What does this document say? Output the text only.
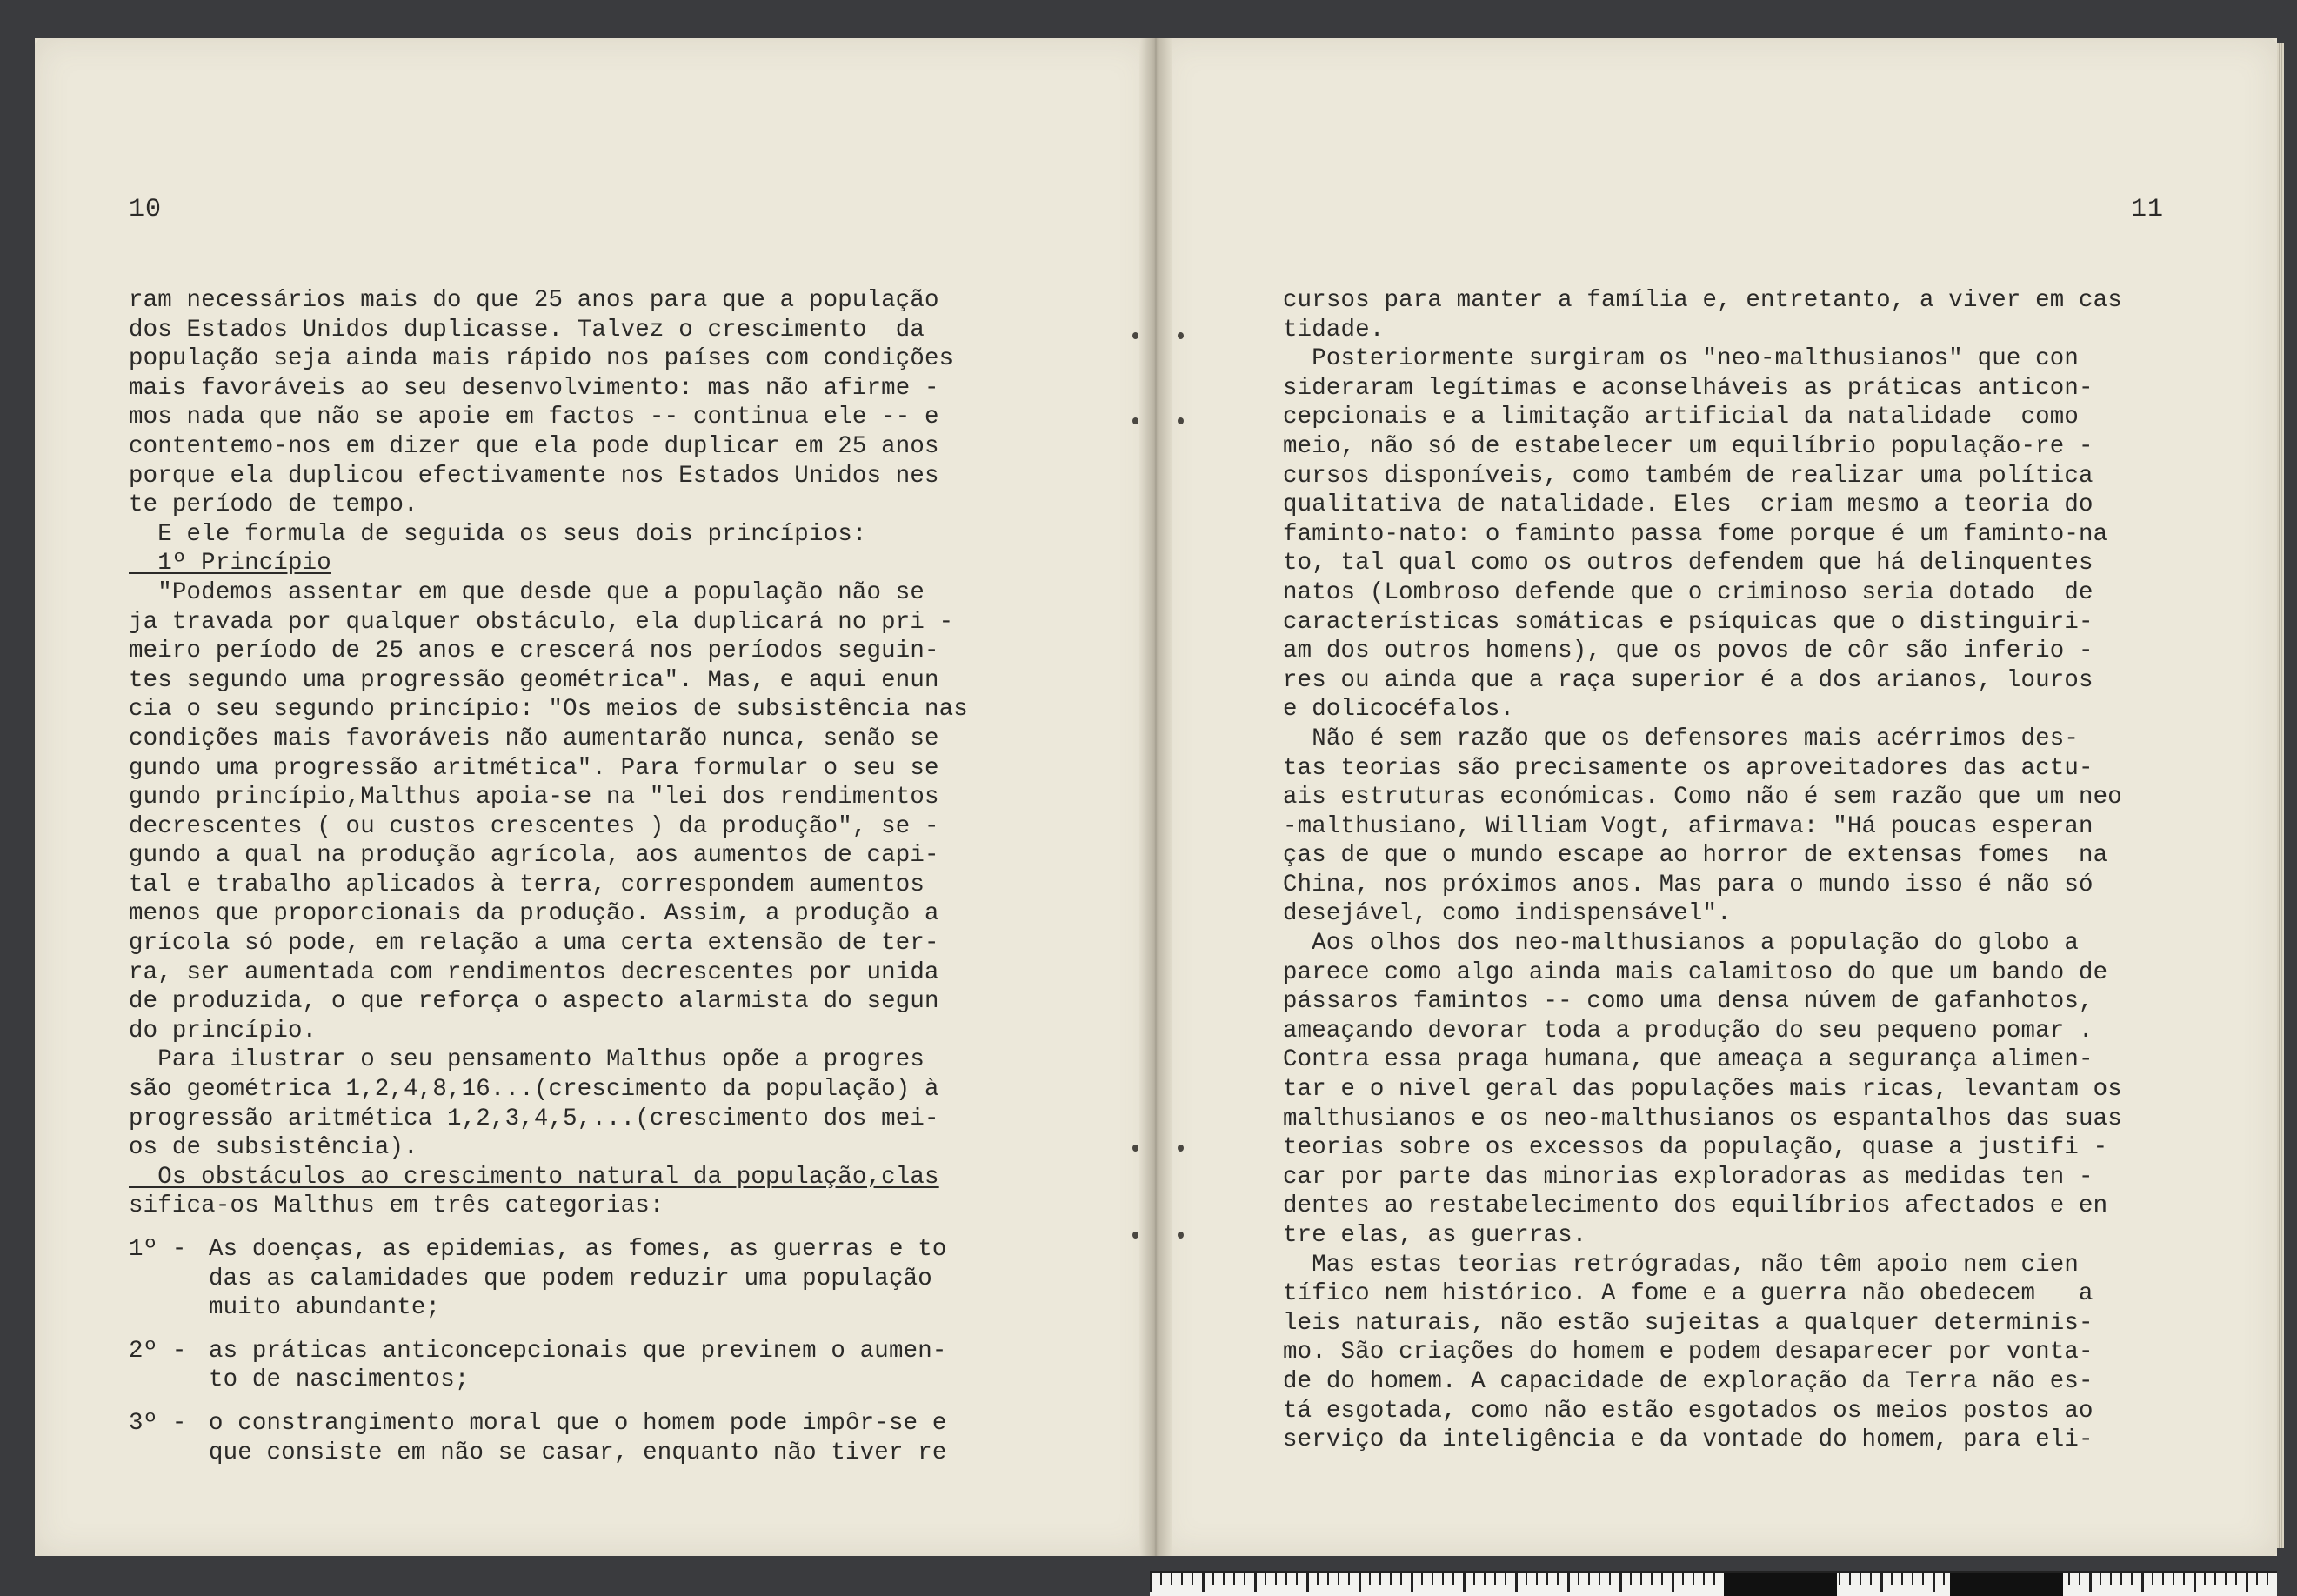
10
ram necessários mais do que 25 anos para que a população
dos Estados Unidos duplicasse. Talvez o crescimento  da
população seja ainda mais rápido nos países com condições
mais favoráveis ao seu desenvolvimento: mas não afirme -
mos nada que não se apoie em factos -- continua ele -- e
contentemo-nos em dizer que ela pode duplicar em 25 anos
porque ela duplicou efectivamente nos Estados Unidos nes
te período de tempo.
E ele formula de seguida os seus dois princípios:
1º Princípio
"Podemos assentar em que desde que a população não se
ja travada por qualquer obstáculo, ela duplicará no pri -
meiro período de 25 anos e crescerá nos períodos seguin-
tes segundo uma progressão geométrica". Mas, e aqui enun
cia o seu segundo princípio: "Os meios de subsistência nas
condições mais favoráveis não aumentarão nunca, senão se
gundo uma progressão aritmética". Para formular o seu se
gundo princípio,Malthus apoia-se na "lei dos rendimentos
decrescentes ( ou custos crescentes ) da produção", se -
gundo a qual na produção agrícola, aos aumentos de capi-
tal e trabalho aplicados à terra, correspondem aumentos
menos que proporcionais da produção. Assim, a produção a
grícola só pode, em relação a uma certa extensão de ter-
ra, ser aumentada com rendimentos decrescentes por unida
de produzida, o que reforça o aspecto alarmista do segun
do princípio.
Para ilustrar o seu pensamento Malthus opõe a progres
são geométrica 1,2,4,8,16...(crescimento da população) à
progressão aritmética 1,2,3,4,5,...(crescimento dos mei-
os de subsistência).
Os obstáculos ao crescimento natural da população,clas
sifica-os Malthus em três categorias:
1º - As doenças, as epidemias, as fomes, as guerras e to
das as calamidades que podem reduzir uma população
muito abundante;
2º - as práticas anticoncepcionais que previnem o aumen-
to de nascimentos;
3º - o constrangimento moral que o homem pode impôr-se e
que consiste em não se casar, enquanto não tiver re
11
cursos para manter a família e, entretanto, a viver em cas
tidade.
Posteriormente surgiram os "neo-malthusianos" que con
sideraram legítimas e aconselháveis as práticas anticon-
cepcionais e a limitação artificial da natalidade  como
meio, não só de estabelecer um equilíbrio população-re -
cursos disponíveis, como também de realizar uma política
qualitativa de natalidade. Eles  criam mesmo a teoria do
faminto-nato: o faminto passa fome porque é um faminto-na
to, tal qual como os outros defendem que há delinquentes
natos (Lombroso defende que o criminoso seria dotado  de
características somáticas e psíquicas que o distinguiri-
am dos outros homens), que os povos de côr são inferio -
res ou ainda que a raça superior é a dos arianos, louros
e dolicocéfalos.
Não é sem razão que os defensores mais acérrimos des-
tas teorias são precisamente os aproveitadores das actu-
ais estruturas económicas. Como não é sem razão que um neo
-malthusiano, William Vogt, afirmava: "Há poucas esperan
ças de que o mundo escape ao horror de extensas fomes  na
China, nos próximos anos. Mas para o mundo isso é não só
desejável, como indispensável".
Aos olhos dos neo-malthusianos a população do globo a
parece como algo ainda mais calamitoso do que um bando de
pássaros famintos -- como uma densa núvem de gafanhotos,
ameaçando devorar toda a produção do seu pequeno pomar .
Contra essa praga humana, que ameaça a segurança alimen-
tar e o nivel geral das populações mais ricas, levantam os
malthusianos e os neo-malthusianos os espantalhos das suas
teorias sobre os excessos da população, quase a justifi -
car por parte das minorias exploradoras as medidas ten -
dentes ao restabelecimento dos equilíbrios afectados e en
tre elas, as guerras.
Mas estas teorias retrógradas, não têm apoio nem cien
tífico nem histórico. A fome e a guerra não obedecem   a
leis naturais, não estão sujeitas a qualquer determinis-
mo. São criações do homem e podem desaparecer por vonta-
de do homem. A capacidade de exploração da Terra não es-
tá esgotada, como não estão esgotados os meios postos ao
serviço da inteligência e da vontade do homem, para eli-
